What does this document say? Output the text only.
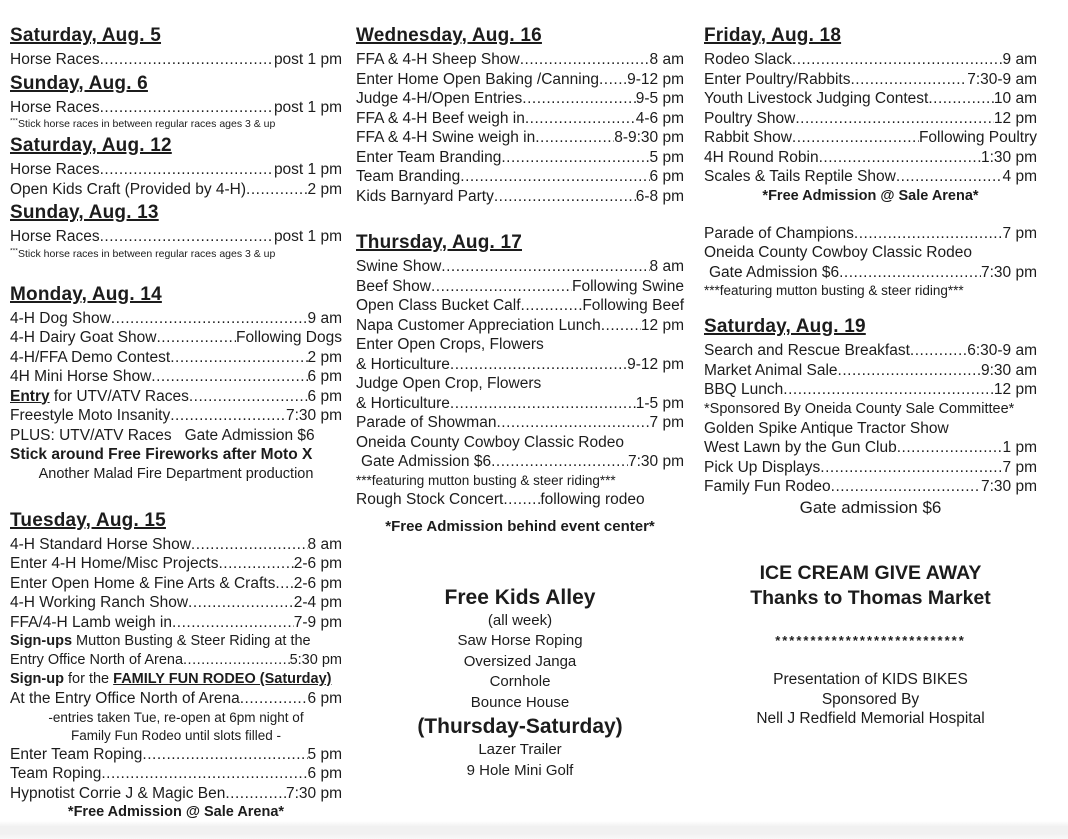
Saturday, Aug. 5
Horse Races .....	post 1 pm
Sunday, Aug. 6
Horse Races .....	post 1 pm
***Stick horse races in between regular races ages 3 & up
Saturday, Aug. 12
Horse Races .....	post 1 pm
Open Kids Craft (Provided by 4-H) .....	2 pm
Sunday, Aug. 13
Horse Races .....	post 1 pm
***Stick horse races in between regular races ages 3 & up
Monday, Aug. 14
4-H Dog Show .....	9 am
4-H Dairy Goat Show .....	Following Dogs
4-H/FFA Demo Contest .....	2 pm
4H Mini Horse Show .....	6 pm
Entry for UTV/ATV Races .....	6 pm
Freestyle Moto Insanity .....	7:30 pm
PLUS: UTV/ATV Races   Gate Admission $6
Stick around Free Fireworks after Moto X
Another Malad Fire Department production
Tuesday, Aug. 15
4-H Standard Horse Show .....	8 am
Enter 4-H Home/Misc Projects .....	2-6 pm
Enter Open Home & Fine Arts & Crafts ..... 2-6 pm
4-H Working Ranch Show .....	2-4 pm
FFA/4-H Lamb weigh in .....	7-9 pm
Sign-ups Mutton Busting & Steer Riding at the
Entry Office North of Arena .....	5:30 pm
Sign-up for the FAMILY FUN RODEO (Saturday)
At the Entry Office North of Arena .....	6 pm
-entries taken Tue, re-open at 6pm night of
Family Fun Rodeo until slots filled -
Enter Team Roping .....	5 pm
Team Roping .....	6 pm
Hypnotist Corrie J & Magic Ben .....	7:30 pm
*Free Admission @ Sale Arena*
Wednesday, Aug. 16
FFA & 4-H Sheep Show .....	8 am
Enter Home Open Baking /Canning ..... 9-12 pm
Judge 4-H/Open Entries .....	9-5 pm
FFA & 4-H Beef weigh in .....	4-6 pm
FFA & 4-H Swine weigh in .....	8-9:30 pm
Enter Team Branding .....	5 pm
Team Branding .....	6 pm
Kids Barnyard Party .....	6-8 pm
Thursday, Aug. 17
Swine Show .....	8 am
Beef Show .....	Following Swine
Open Class Bucket Calf .....	Following Beef
Napa Customer Appreciation Lunch .....	12 pm
Enter Open Crops, Flowers
& Horticulture .....	9-12 pm
Judge Open Crop, Flowers
& Horticulture .....	1-5 pm
Parade of Showman .....	7 pm
Oneida County Cowboy Classic Rodeo
Gate Admission $6 .....	7:30 pm
***featuring mutton busting & steer riding***
Rough Stock Concert ..... following rodeo
*Free Admission behind event center*
Free Kids Alley
(all week)
Saw Horse Roping
Oversized Janga
Cornhole
Bounce House
(Thursday-Saturday)
Lazer Trailer
9 Hole Mini Golf
Friday, Aug. 18
Rodeo Slack .....	9 am
Enter Poultry/Rabbits .....	7:30-9 am
Youth Livestock Judging Contest .....	10 am
Poultry Show .....	12 pm
Rabbit Show .....	Following Poultry
4H Round Robin .....	1:30 pm
Scales & Tails Reptile Show .....	4 pm
*Free Admission @ Sale Arena*
Parade of Champions .....	7 pm
Oneida County Cowboy Classic Rodeo
Gate Admission $6 .....	7:30 pm
***featuring mutton busting & steer riding***
Saturday, Aug. 19
Search and Rescue Breakfast .....	6:30-9 am
Market Animal Sale .....	9:30 am
BBQ Lunch .....	12 pm
*Sponsored By Oneida County Sale Committee*
Golden Spike Antique Tractor Show
West Lawn by the Gun Club .....	1 pm
Pick Up Displays .....	7 pm
Family Fun Rodeo .....	7:30 pm
Gate admission $6
ICE CREAM GIVE AWAY
Thanks to Thomas Market
***************************
Presentation of KIDS BIKES
Sponsored By
Nell J Redfield Memorial Hospital
